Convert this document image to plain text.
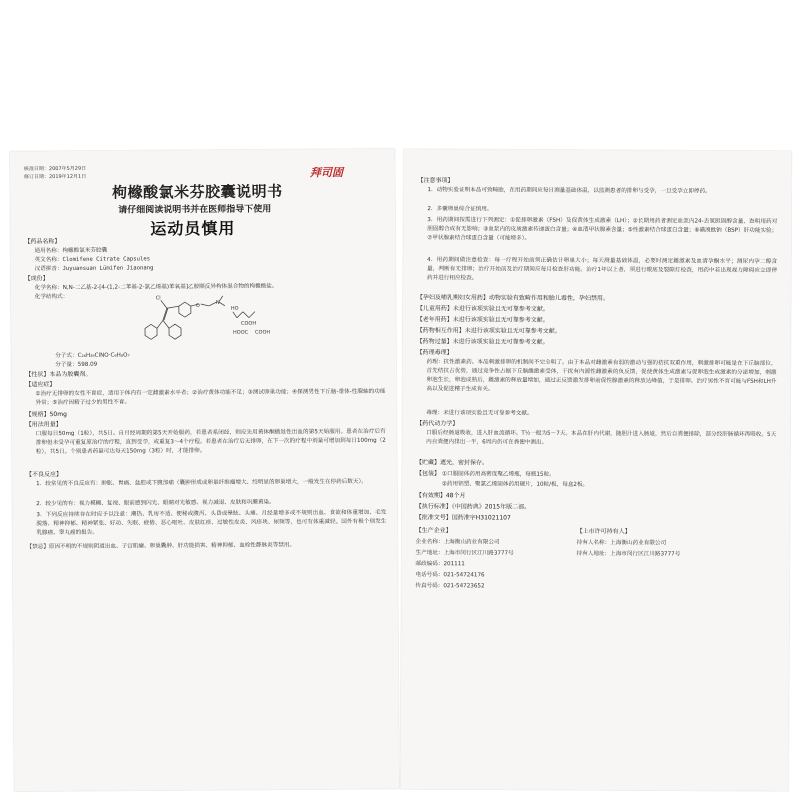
核准日期：2007年5月29日
修订日期：2019年12月1日	拜司固
枸橼酸氯米芬胶囊说明书
请仔细阅读说明书并在医师指导下使用
运动员慎用
【药品名称】
通用名称：枸橼酸氯米芬胶囊
英文名称：Clomifene Citrate Capsules
汉语拼音：Juyuansuan Lümifen Jiaonang
【成份】
化学名称：N,N-二乙基-2-[4-(1,2-二苯基-2-氯乙烯基)苯氧基]乙胺顺反异构体混合物的枸橼酸盐。
化学结构式：	Cl
O
N
HO
COOH
HOOC COOH
分子式：C₂₆H₂₈ClNO·C₆H₈O₇
分子量：598.09
【性状】本品为胶囊剂。
【适应症】
①治疗无排卵的女性不育症，适用于体内有一定雌激素水平者；②治疗黄体功能不足；③测试卵巢功能；④探测男性下丘脑-垂体-性腺轴的功能异常；⑤治疗因精子过少的男性不育。
【规格】50mg
【用法用量】
口服每日50mg（1粒），共5日。自月经周期的第5天开始服药，若患者系闭经，则应先用黄体酮撤退性出血的第5天始服用。患者在治疗后有排卵但未受孕可重复原治疗的疗程，直到受孕，或重复3～4个疗程。若患者在治疗后无排卵，在下一次的疗程中剂量可增加到每日100mg（2粒），共5日。个别患者药量可达每天150mg（3粒）时，才能排卵。
【不良反应】
1．较常见的不良反应有：肿胀、胃痛、盆腔或下腹部痛（囊肿形成或卵巢纤维瘤增大、绞明显的卵巢增大，一般发生在停药后数天）。
2．较少见的有：视力模糊、复视、眼前感到闪光、眼睛对光敏感、视力减退、皮肤和巩膜黄染。
3．下列反应持续存在时应予以注意：潮热、乳房不适、便秘或腹泻、头昏或晕眩、头痛、月经量增多或不规则出血、食欲和体重增加、毛发脱落、精神抑郁、精神紧张、好动、失眠、疲倦、恶心呕吐、皮肤红疹、过敏性皮炎、风疹块、尿频等，也可有体重减轻。国外有极个别发生乳腺癌、睾丸癌的报告。
【禁忌】原因不明的不规则阴道出血、子宫肌瘤、卵巢囊肿、肝功能损害、精神抑郁、血栓性静脉炎等禁用。
【注意事项】
1．动物实验证明本品可致畸胎，在用药期间应每日测量基础体温，以监测患者的排卵与受孕，一旦受孕立即停药。
2．多囊卵巢综合征慎用。
3．用药期间按需进行下列测定：①促排卵激素（FSH）及促黄体生成激素（LH）；②长期用药者测定血浆内24-去氢胆固醇含量，查明用药对胆固醇合成有无影响；③血浆内的皮质激素传递蛋白含量；④血清甲状腺素含量；⑤性激素结合球蛋白含量；⑥磺溴酞钠（BSP）肝功能实验；⑦甲状腺素结合球蛋白含量（可能增多）。
4．用药期间做注意检查：每一疗程开始前须正确估计卵巢大小；每天测量基础体温，必要时测定雌激素及血清孕酮水平；测尿内孕二醇含量，判断有无排卵；治疗开始前及治疗期间应每月检查肝功能。治疗1年以上者，须进行眼底及裂隙灯检查，用药中若出现视力障碍应立即停药并进行相应检查。
【孕妇及哺乳期妇女用药】动物实验有致畸作用和胎儿毒性，孕妇禁用。
【儿童用药】未进行该项实验且无可靠参考文献。
【老年用药】未进行该项实验且无可靠参考文献。
【药物相互作用】未进行该项实验且无可靠参考文献。
【药物过量】未进行该项实验且无可靠参考文献。
【药理毒理】
药理：抗性激素药。本品刺激排卵的机制尚不完全明了。由于本品对雌激素有弱的激动与强的拮抗双重作用，刺激排卵可能是在下丘脑部位，首先结抗占优势，通过竞争性占据下丘脑雌激素受体，干扰有内源性雌激素的负反馈，促使黄体生成激素与促卵泡生成激素的分泌增加，刺激卵泡生长，卵泡成熟后，雌激素的释放量增加，通过正反馈激发排卵前促性腺激素的释放达峰值，于是排卵。治疗男性不育可能与FSH和LH升高以及促进精子生成有关。
毒理：未进行该项实验且无可靠参考文献。
【药代动力学】
口服后经肠道吸收，进入肝血流循环。T½一般为5～7天。本品在肝内代谢，随胆汁进入肠道，然后自粪便排除，部分经肝肠循环再吸收。5天内自粪便内排出一半，6周内仍可在粪便中测出。
【贮藏】遮光，密封保存。
【包装】 ①口服固体药用高密度聚乙烯瓶，每瓶15粒。
②药用铝塑、聚氯乙烯固体药用硬片，10粒/板，每盒2板。
【有效期】48个月
【执行标准】《中国药典》2015年版二部。
【批准文号】国药准字H31021107
【生产企业】	【上市许可持有人】
企业名称：上海衡山药业有限公司	持有人名称：上海衡山药业有限公司
生产地址：上海市闵行区江川路3777号	持有人地址：上海市闵行区江川路3777号
邮政编码：201111
电话号码：021-54724176
传真号码：021-54723652
